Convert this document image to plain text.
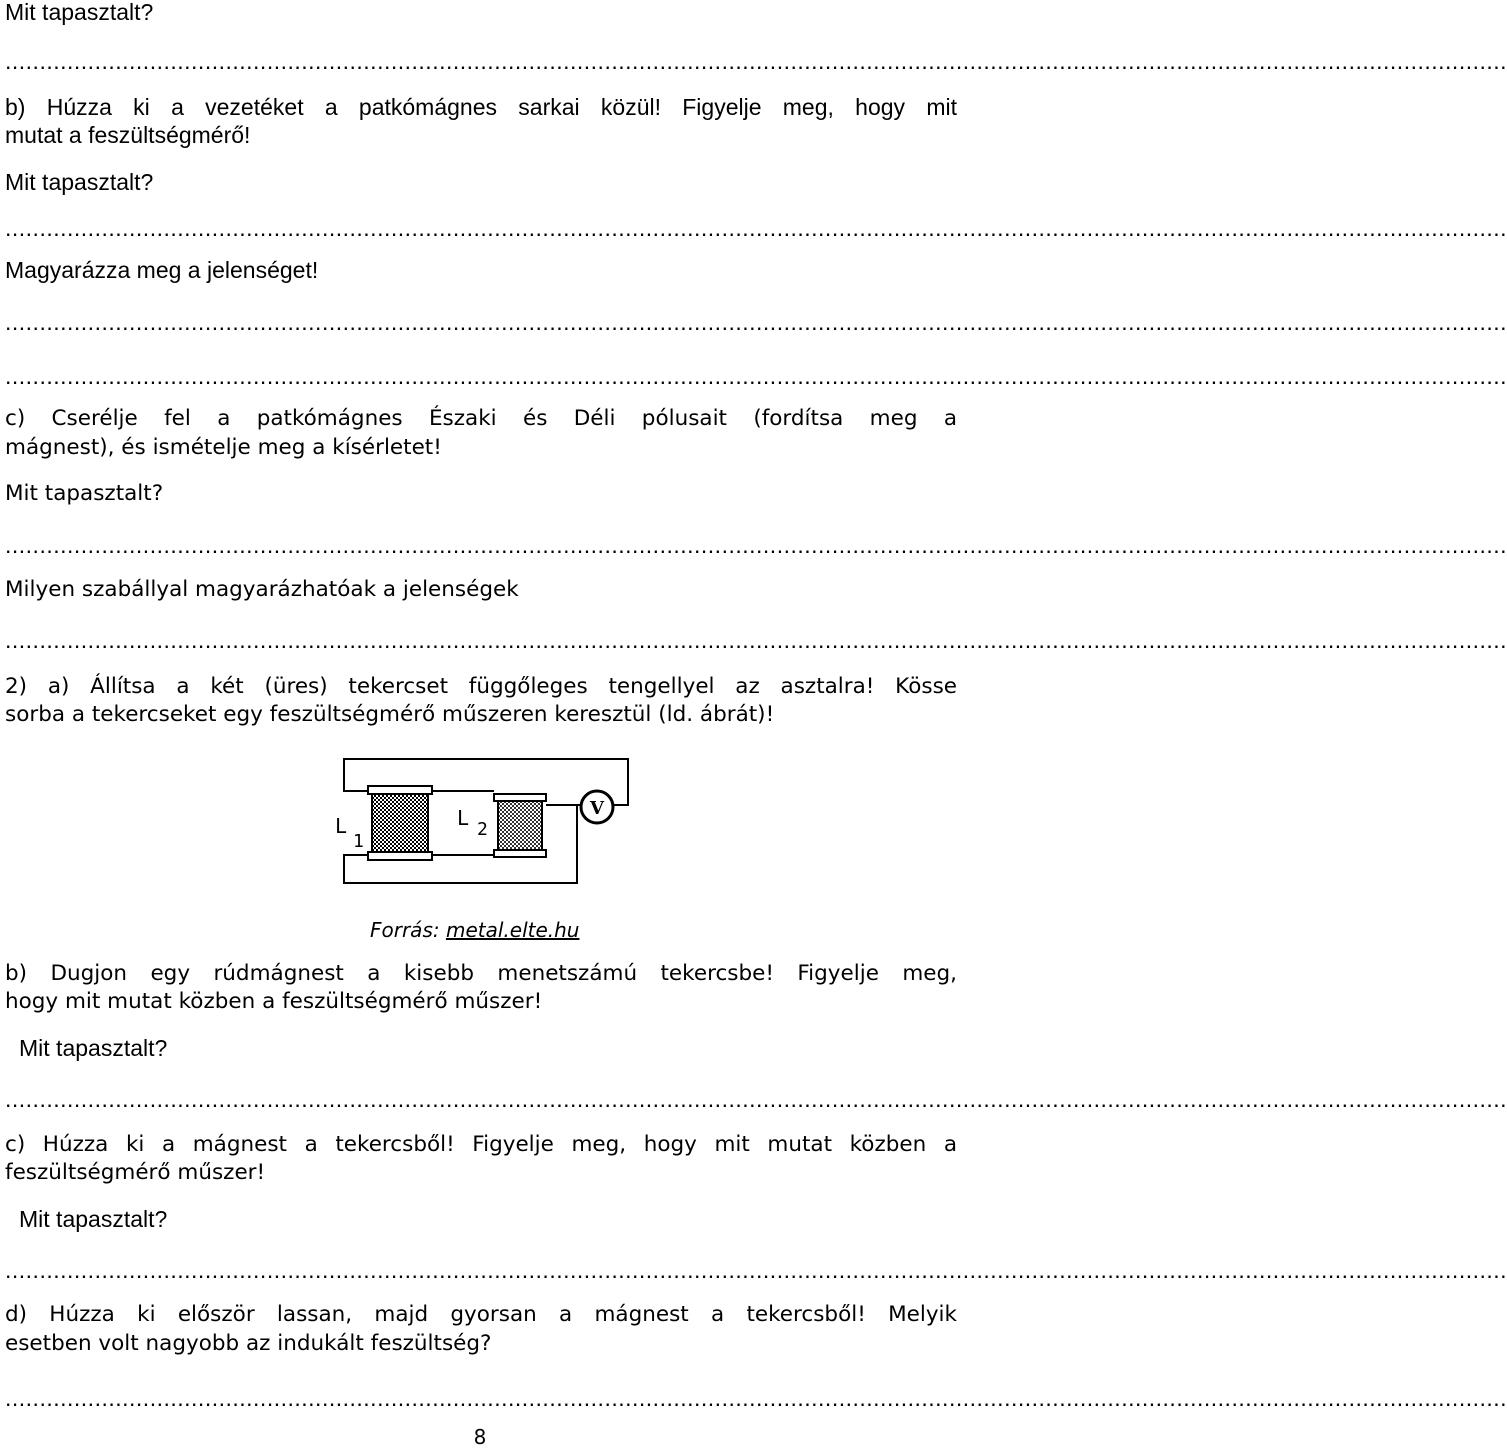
Mit tapasztalt?
..........................................................................................................................................................................................................................
b) Húzza ki a vezetéket a patkómágnes sarkai közül! Figyelje meg, hogy mit
mutat a feszültségmérő!
Mit tapasztalt?
..........................................................................................................................................................................................................................
Magyarázza meg a jelenséget!
..........................................................................................................................................................................................................................
..........................................................................................................................................................................................................................
c) Cserélje fel a patkómágnes Északi és Déli pólusait (fordítsa meg a
mágnest), és ismételje meg a kísérletet!
Mit tapasztalt?
..........................................................................................................................................................................................................................
Milyen szabállyal magyarázhatóak a jelenségek
..........................................................................................................................................................................................................................
2) a) Állítsa a két (üres) tekercset függőleges tengellyel az asztalra! Kösse
sorba a tekercseket egy feszültségmérő műszeren keresztül (ld. ábrát)!
V
L
1
L 2
Forrás: metal.elte.hu
b) Dugjon egy rúdmágnest a kisebb menetszámú tekercsbe! Figyelje meg,
hogy mit mutat közben a feszültségmérő műszer!
Mit tapasztalt?
..........................................................................................................................................................................................................................
c) Húzza ki a mágnest a tekercsből! Figyelje meg, hogy mit mutat közben a
feszültségmérő műszer!
Mit tapasztalt?
..........................................................................................................................................................................................................................
d) Húzza ki először lassan, majd gyorsan a mágnest a tekercsből! Melyik
esetben volt nagyobb az indukált feszültség?
..........................................................................................................................................................................................................................
8
